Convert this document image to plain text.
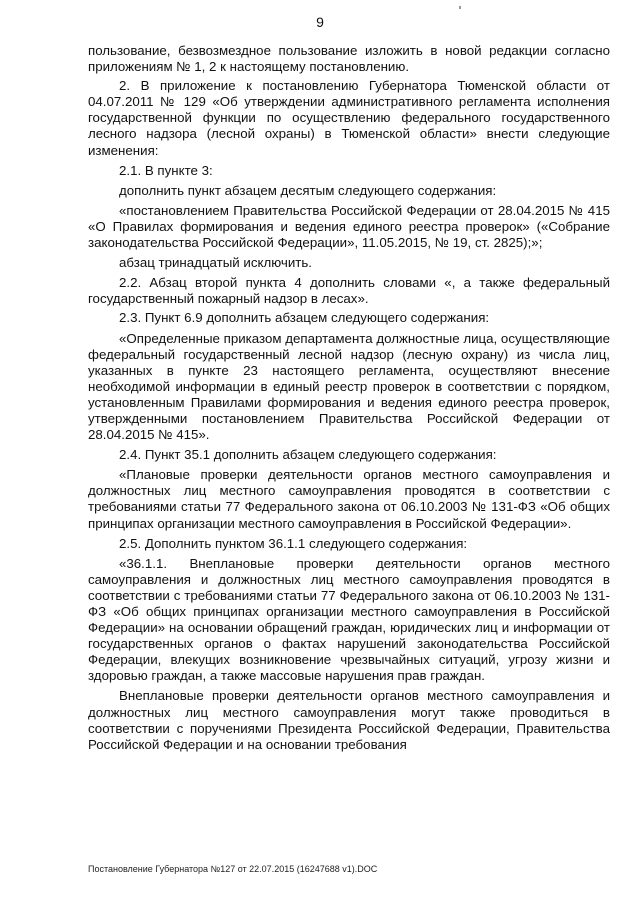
9

пользование, безвозмездное пользование изложить в новой редакции согласно приложениям № 1, 2 к настоящему постановлению.

2. В приложение к постановлению Губернатора Тюменской области от 04.07.2011 № 129 «Об утверждении административного регламента исполнения государственной функции по осуществлению федерального государственного лесного надзора (лесной охраны) в Тюменской области» внести следующие изменения:

2.1. В пункте 3:

дополнить пункт абзацем десятым следующего содержания:

«постановлением Правительства Российской Федерации от 28.04.2015 № 415 «О Правилах формирования и ведения единого реестра проверок» («Собрание законодательства Российской Федерации», 11.05.2015, № 19, ст. 2825);»;

абзац тринадцатый исключить.

2.2. Абзац второй пункта 4 дополнить словами «, а также федеральный государственный пожарный надзор в лесах».

2.3. Пункт 6.9 дополнить абзацем следующего содержания:

«Определенные приказом департамента должностные лица, осуществляющие федеральный государственный лесной надзор (лесную охрану) из числа лиц, указанных в пункте 23 настоящего регламента, осуществляют внесение необходимой информации в единый реестр проверок в соответствии с порядком, установленным Правилами формирования и ведения единого реестра проверок, утвержденными постановлением Правительства Российской Федерации от 28.04.2015 № 415».

2.4. Пункт 35.1 дополнить абзацем следующего содержания:

«Плановые проверки деятельности органов местного самоуправления и должностных лиц местного самоуправления проводятся в соответствии с требованиями статьи 77 Федерального закона от 06.10.2003 № 131-ФЗ «Об общих принципах организации местного самоуправления в Российской Федерации».

2.5. Дополнить пунктом 36.1.1 следующего содержания:

«36.1.1. Внеплановые проверки деятельности органов местного самоуправления и должностных лиц местного самоуправления проводятся в соответствии с требованиями статьи 77 Федерального закона от 06.10.2003 № 131-ФЗ «Об общих принципах организации местного самоуправления в Российской Федерации» на основании обращений граждан, юридических лиц и информации от государственных органов о фактах нарушений законодательства Российской Федерации, влекущих возникновение чрезвычайных ситуаций, угрозу жизни и здоровью граждан, а также массовые нарушения прав граждан.

Внеплановые проверки деятельности органов местного самоуправления и должностных лиц местного самоуправления могут также проводиться в соответствии с поручениями Президента Российской Федерации, Правительства Российской Федерации и на основании требования

Постановление Губернатора №127 от 22.07.2015 (16247688 v1).DOC
